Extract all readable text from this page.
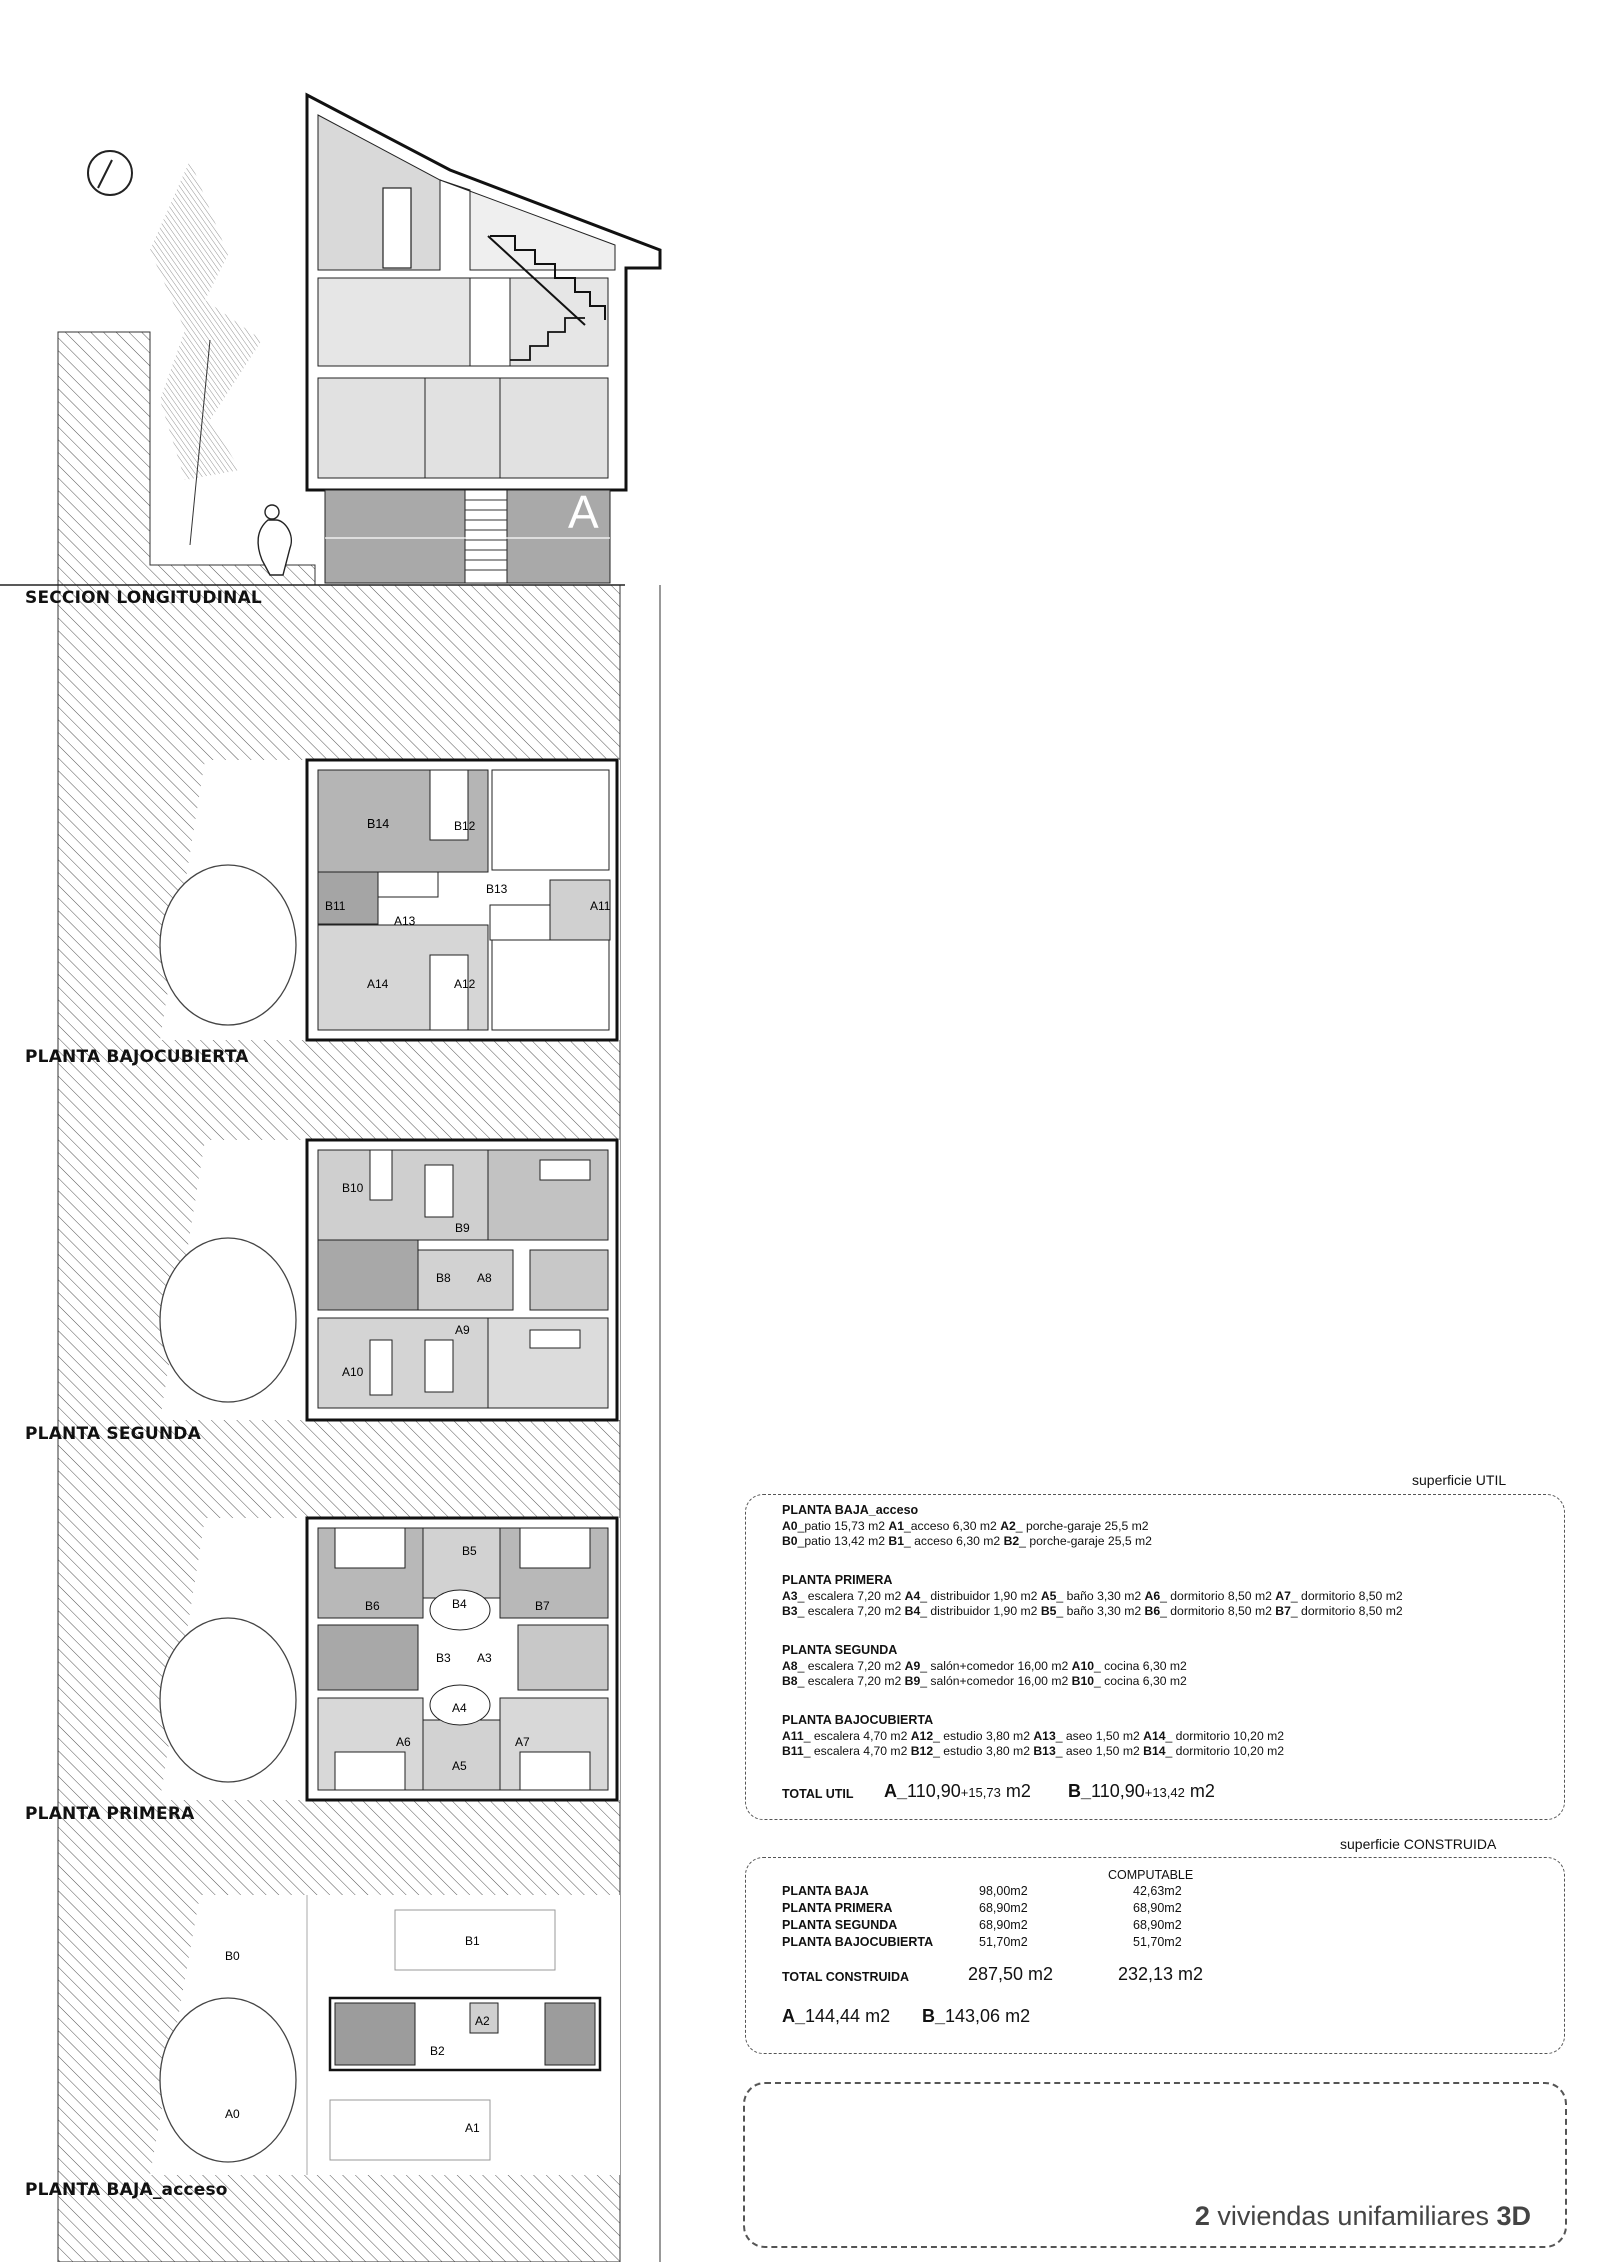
A
B14	B12
B13
B11
A13
A11
A14	A12
B10
B9
B8 A8
A9
A10
B5
B6	B4	B7
B3 A3
A4
A6	A7
A5
B0
B1
A2
B2
A0
A1
SECCION LONGITUDINAL
PLANTA BAJOCUBIERTA
PLANTA SEGUNDA
PLANTA PRIMERA
PLANTA BAJA_acceso
superficie UTIL
PLANTA BAJA_acceso
A0_patio 15,73 m2 A1_acceso 6,30 m2 A2_ porche-garaje 25,5 m2
B0_patio 13,42 m2 B1_ acceso 6,30 m2 B2_ porche-garaje 25,5 m2
PLANTA PRIMERA
A3_ escalera 7,20 m2 A4_ distribuidor 1,90 m2 A5_ baño 3,30 m2 A6_ dormitorio 8,50 m2 A7_ dormitorio 8,50 m2
B3_ escalera 7,20 m2 B4_ distribuidor 1,90 m2 B5_ baño 3,30 m2 B6_ dormitorio 8,50 m2 B7_ dormitorio 8,50 m2
PLANTA SEGUNDA
A8_ escalera 7,20 m2 A9_ salón+comedor 16,00 m2 A10_ cocina 6,30 m2
B8_ escalera 7,20 m2 B9_ salón+comedor 16,00 m2 B10_ cocina 6,30 m2
PLANTA BAJOCUBIERTA
A11_ escalera 4,70 m2 A12_ estudio 3,80 m2 A13_ aseo 1,50 m2 A14_ dormitorio 10,20 m2
B11_ escalera 4,70 m2 B12_ estudio 3,80 m2 B13_ aseo 1,50 m2 B14_ dormitorio 10,20 m2
TOTAL UTIL A_110,90+15,73 m2 B_110,90+13,42 m2
superficie CONSTRUIDA
COMPUTABLE
PLANTA BAJA	98,00m2	42,63m2
PLANTA PRIMERA	68,90m2	68,90m2
PLANTA SEGUNDA	68,90m2	68,90m2
PLANTA BAJOCUBIERTA	51,70m2	51,70m2
TOTAL CONSTRUIDA	287,50 m2	232,13 m2
A_144,44 m2 B_143,06 m2
2 viviendas unifamiliares 3D
